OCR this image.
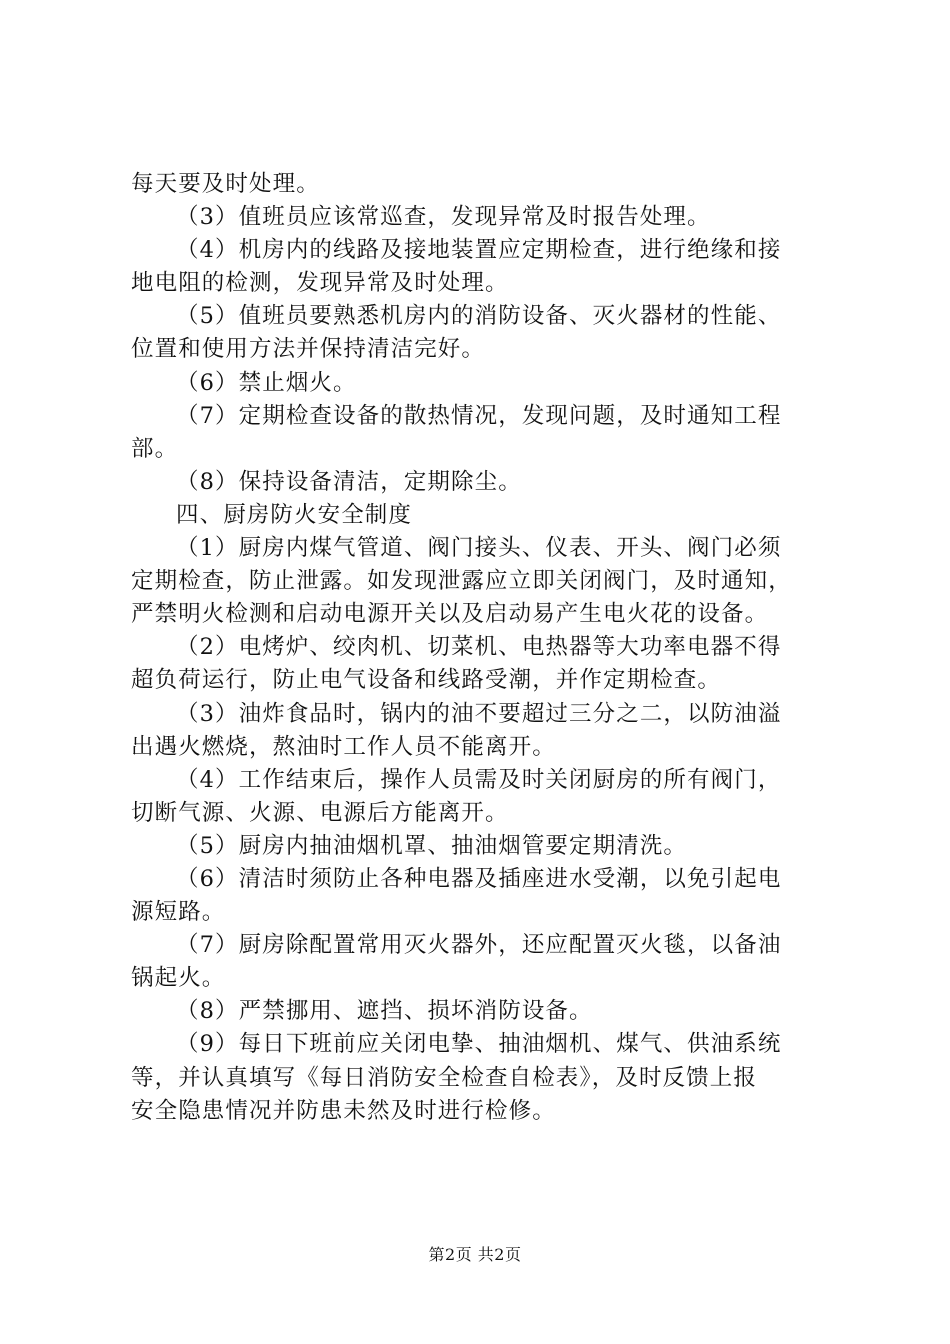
每天要及时处理。
（3）值班员应该常巡查，发现异常及时报告处理。
（4）机房内的线路及接地装置应定期检查，进行绝缘和接
地电阻的检测，发现异常及时处理。
（5）值班员要熟悉机房内的消防设备、灭火器材的性能、
位置和使用方法并保持清洁完好。
（6）禁止烟火。
（7）定期检查设备的散热情况，发现问题，及时通知工程
部。
（8）保持设备清洁，定期除尘。
四、厨房防火安全制度
（1）厨房内煤气管道、阀门接头、仪表、开头、阀门必须
定期检查，防止泄露。如发现泄露应立即关闭阀门，及时通知，
严禁明火检测和启动电源开关以及启动易产生电火花的设备。
（2）电烤炉、绞肉机、切菜机、电热器等大功率电器不得
超负荷运行，防止电气设备和线路受潮，并作定期检查。
（3）油炸食品时，锅内的油不要超过三分之二，以防油溢
出遇火燃烧，熬油时工作人员不能离开。
（4）工作结束后，操作人员需及时关闭厨房的所有阀门，
切断气源、火源、电源后方能离开。
（5）厨房内抽油烟机罩、抽油烟管要定期清洗。
（6）清洁时须防止各种电器及插座进水受潮，以免引起电
源短路。
（7）厨房除配置常用灭火器外，还应配置灭火毯，以备油
锅起火。
（8）严禁挪用、遮挡、损坏消防设备。
（9）每日下班前应关闭电挚、抽油烟机、煤气、供油系统
等，并认真填写《每日消防安全检查自检表》，及时反馈上报
安全隐患情况并防患未然及时进行检修。
第2页 共2页
